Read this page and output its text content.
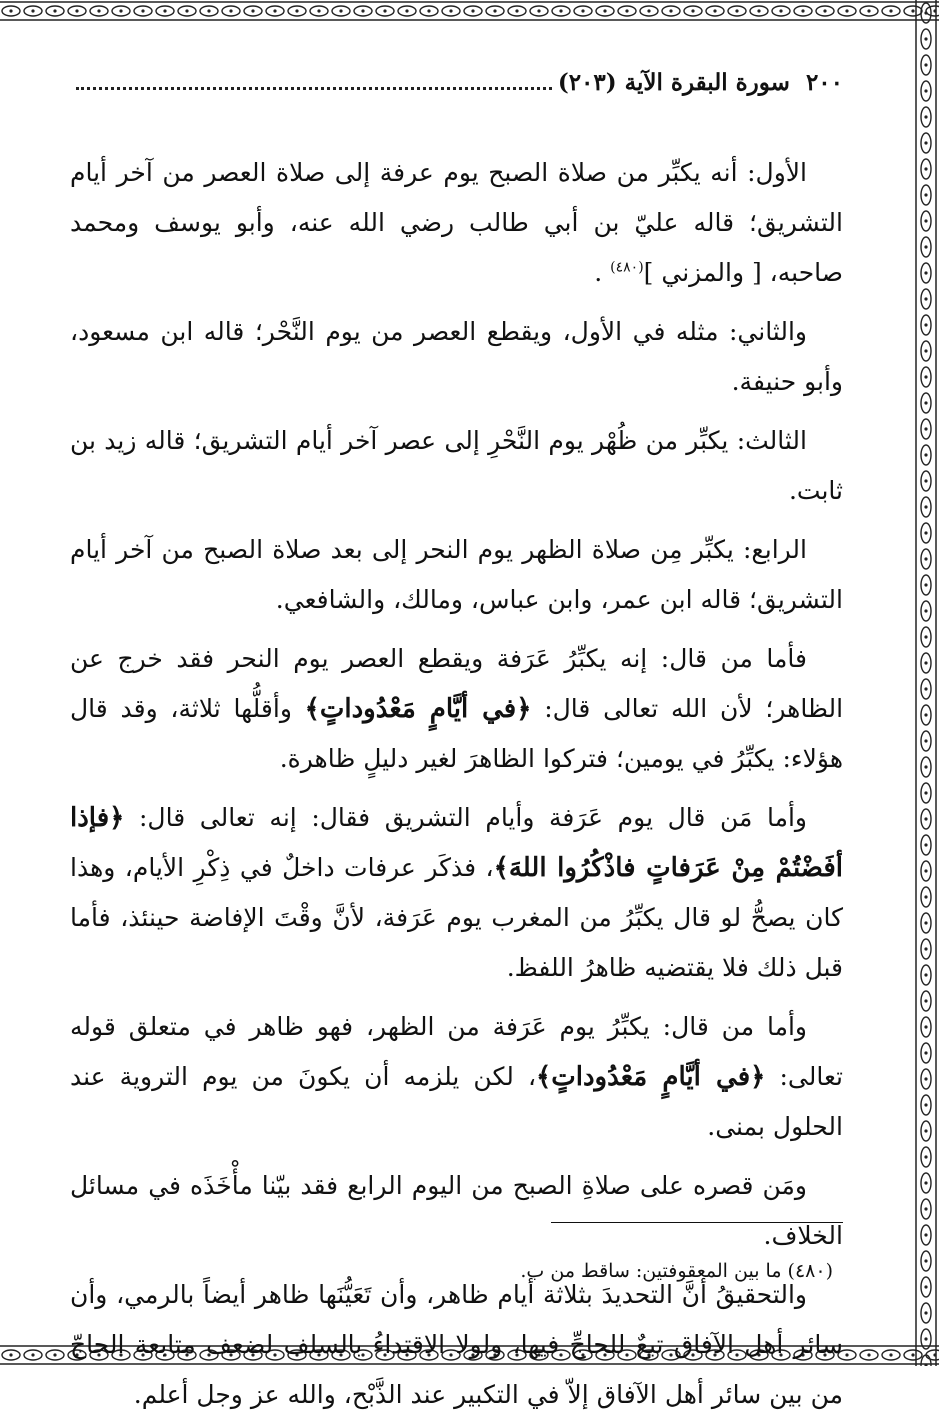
٢٠٠
سورة البقرة الآية (٢٠٣)

الأول: أنه يكبِّر من صلاة الصبح يوم عرفة إلى صلاة العصر من آخر أيام التشريق؛ قاله عليّ بن أبي طالب رضي الله عنه، وأبو يوسف ومحمد صاحبه، [ والمزني ]$^{(٤٨٠)}$ .

والثاني: مثله في الأول، ويقطع العصر من يوم النَّحْر؛ قاله ابن مسعود، وأبو حنيفة.

الثالث: يكبِّر من ظُهْر يوم النَّحْرِ إلى عصر آخر أيام التشريق؛ قاله زيد بن ثابت.

الرابع: يكبِّر مِن صلاة الظهر يوم النحر إلى بعد صلاة الصبح من آخر أيام التشريق؛ قاله ابن عمر، وابن عباس، ومالك، والشافعي.

فأما من قال: إنه يكبِّرُ عَرَفة ويقطع العصر يوم النحر فقد خرج عن الظاهر؛ لأن الله تعالى قال: ﴿في أيَّامٍ مَعْدُوداتٍ﴾ وأقلُّها ثلاثة، وقد قال هؤلاء: يكبِّرُ في يومين؛ فتركوا الظاهرَ لغير دليلٍ ظاهرة.

وأما مَن قال يوم عَرَفة وأيام التشريق فقال: إنه تعالى قال: ﴿فإذا أفَضْتُمْ مِنْ عَرَفاتٍ فاذْكُرُوا اللهَ﴾، فذكَر عرفات داخلٌ في ذِكْرِ الأيام، وهذا كان يصحُّ لو قال يكبِّرُ من المغرب يوم عَرَفة، لأنَّ وقْتَ الإفاضة حينئذ، فأما قبل ذلك فلا يقتضيه ظاهرُ اللفظ.

وأما من قال: يكبِّرُ يوم عَرَفة من الظهر، فهو ظاهر في متعلق قوله تعالى: ﴿في أيَّامٍ مَعْدُوداتٍ﴾، لكن يلزمه أن يكونَ من يوم التروية عند الحلول بمنى.

ومَن قصره على صلاةِ الصبح من اليوم الرابع فقد بيّنا مأْخَذَه في مسائل الخلاف.

والتحقيقُ أنَّ التحديدَ بثلاثة أيام ظاهر، وأن تَعَيُّنَها ظاهر أيضاً بالرمي، وأن سائر أهل الآفاق تبعٌ للحاجِّ فيها، ولولا الاقتداءُ بالسلف لضعف متابعة الحاجّ من بين سائر أهل الآفاق إلاّ في التكبير عند الذَّبْح، والله عز وجل أعلم.

(٤٨٠) ما بين المعقوفتين: ساقط من ب.
